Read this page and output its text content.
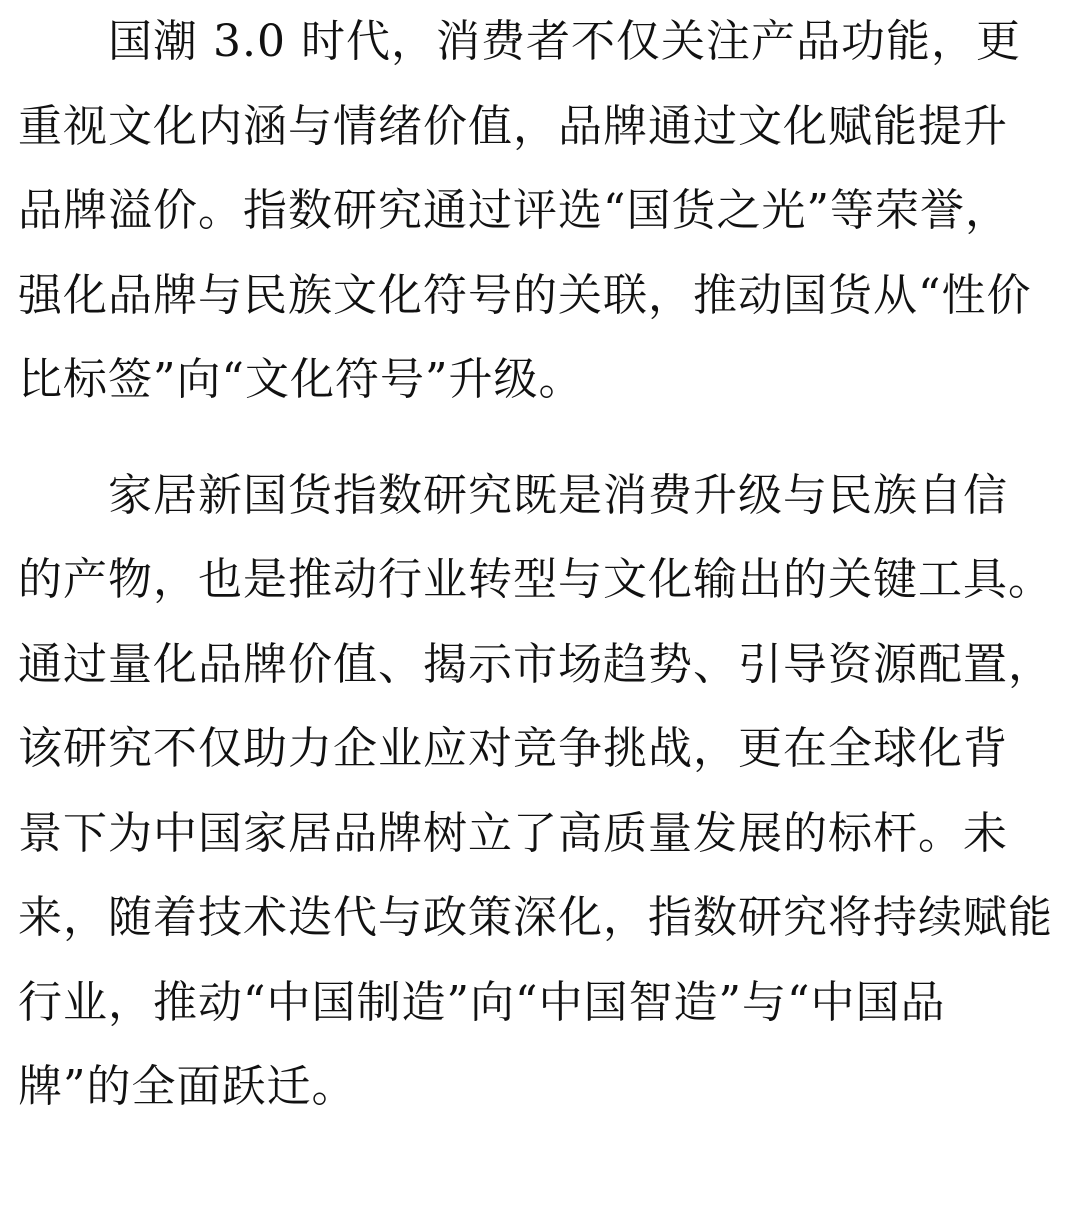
　　国潮 3.0 时代，消费者不仅关注产品功能，更
重视文化内涵与情绪价值，品牌通过文化赋能提升
品牌溢价。指数研究通过评选“国货之光”等荣誉，
强化品牌与民族文化符号的关联，推动国货从“性价
比标签”向“文化符号”升级。
　　家居新国货指数研究既是消费升级与民族自信
的产物，也是推动行业转型与文化输出的关键工具。
通过量化品牌价值、揭示市场趋势、引导资源配置，
该研究不仅助力企业应对竞争挑战，更在全球化背
景下为中国家居品牌树立了高质量发展的标杆。未
来，随着技术迭代与政策深化，指数研究将持续赋能
行业，推动“中国制造”向“中国智造”与“中国品
牌”的全面跃迁。
